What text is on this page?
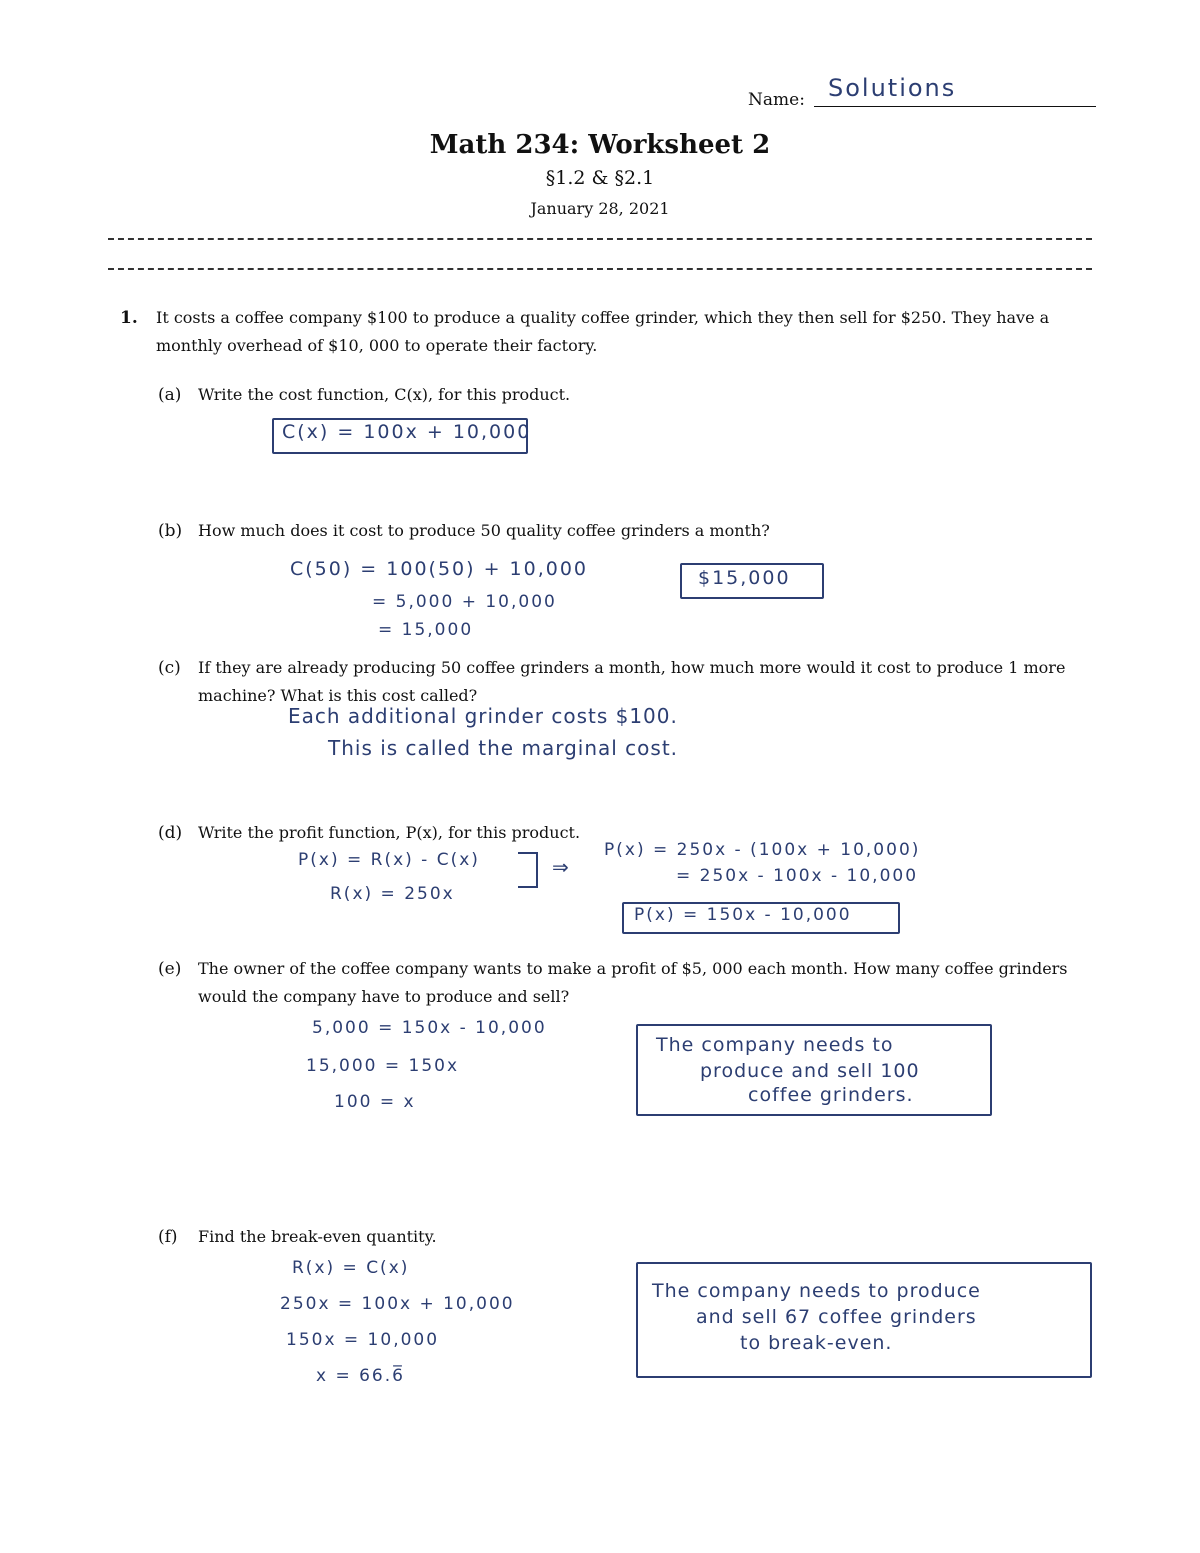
Name: Solutions
Math 234: Worksheet 2
§1.2 & §2.1
January 28, 2021
1. It costs a coffee company $100 to produce a quality coffee grinder, which they then sell for $250. They have a
monthly overhead of $10, 000 to operate their factory.
(a) Write the cost function, C(x), for this product.
C(x) = 100x + 10,000
(b) How much does it cost to produce 50 quality coffee grinders a month?
C(50) = 100(50) + 10,000
= 5,000 + 10,000
= 15,000
$15,000
(c) If they are already producing 50 coffee grinders a month, how much more would it cost to produce 1 more
machine? What is this cost called?
Each additional grinder costs $100.
This is called the marginal cost.
(d) Write the profit function, P(x), for this product.
P(x) = R(x) - C(x)
R(x) = 250x
⇒
P(x) = 250x - (100x + 10,000)
= 250x - 100x - 10,000
P(x) = 150x - 10,000
(e) The owner of the coffee company wants to make a profit of $5, 000 each month. How many coffee grinders
would the company have to produce and sell?
5,000 = 150x - 10,000
15,000 = 150x
100 = x
The company needs to
produce and sell 100
coffee grinders.
(f) Find the break-even quantity.
R(x) = C(x)
250x = 100x + 10,000
150x = 10,000
x = 66.6̅
The company needs to produce
and sell 67 coffee grinders
to break-even.
